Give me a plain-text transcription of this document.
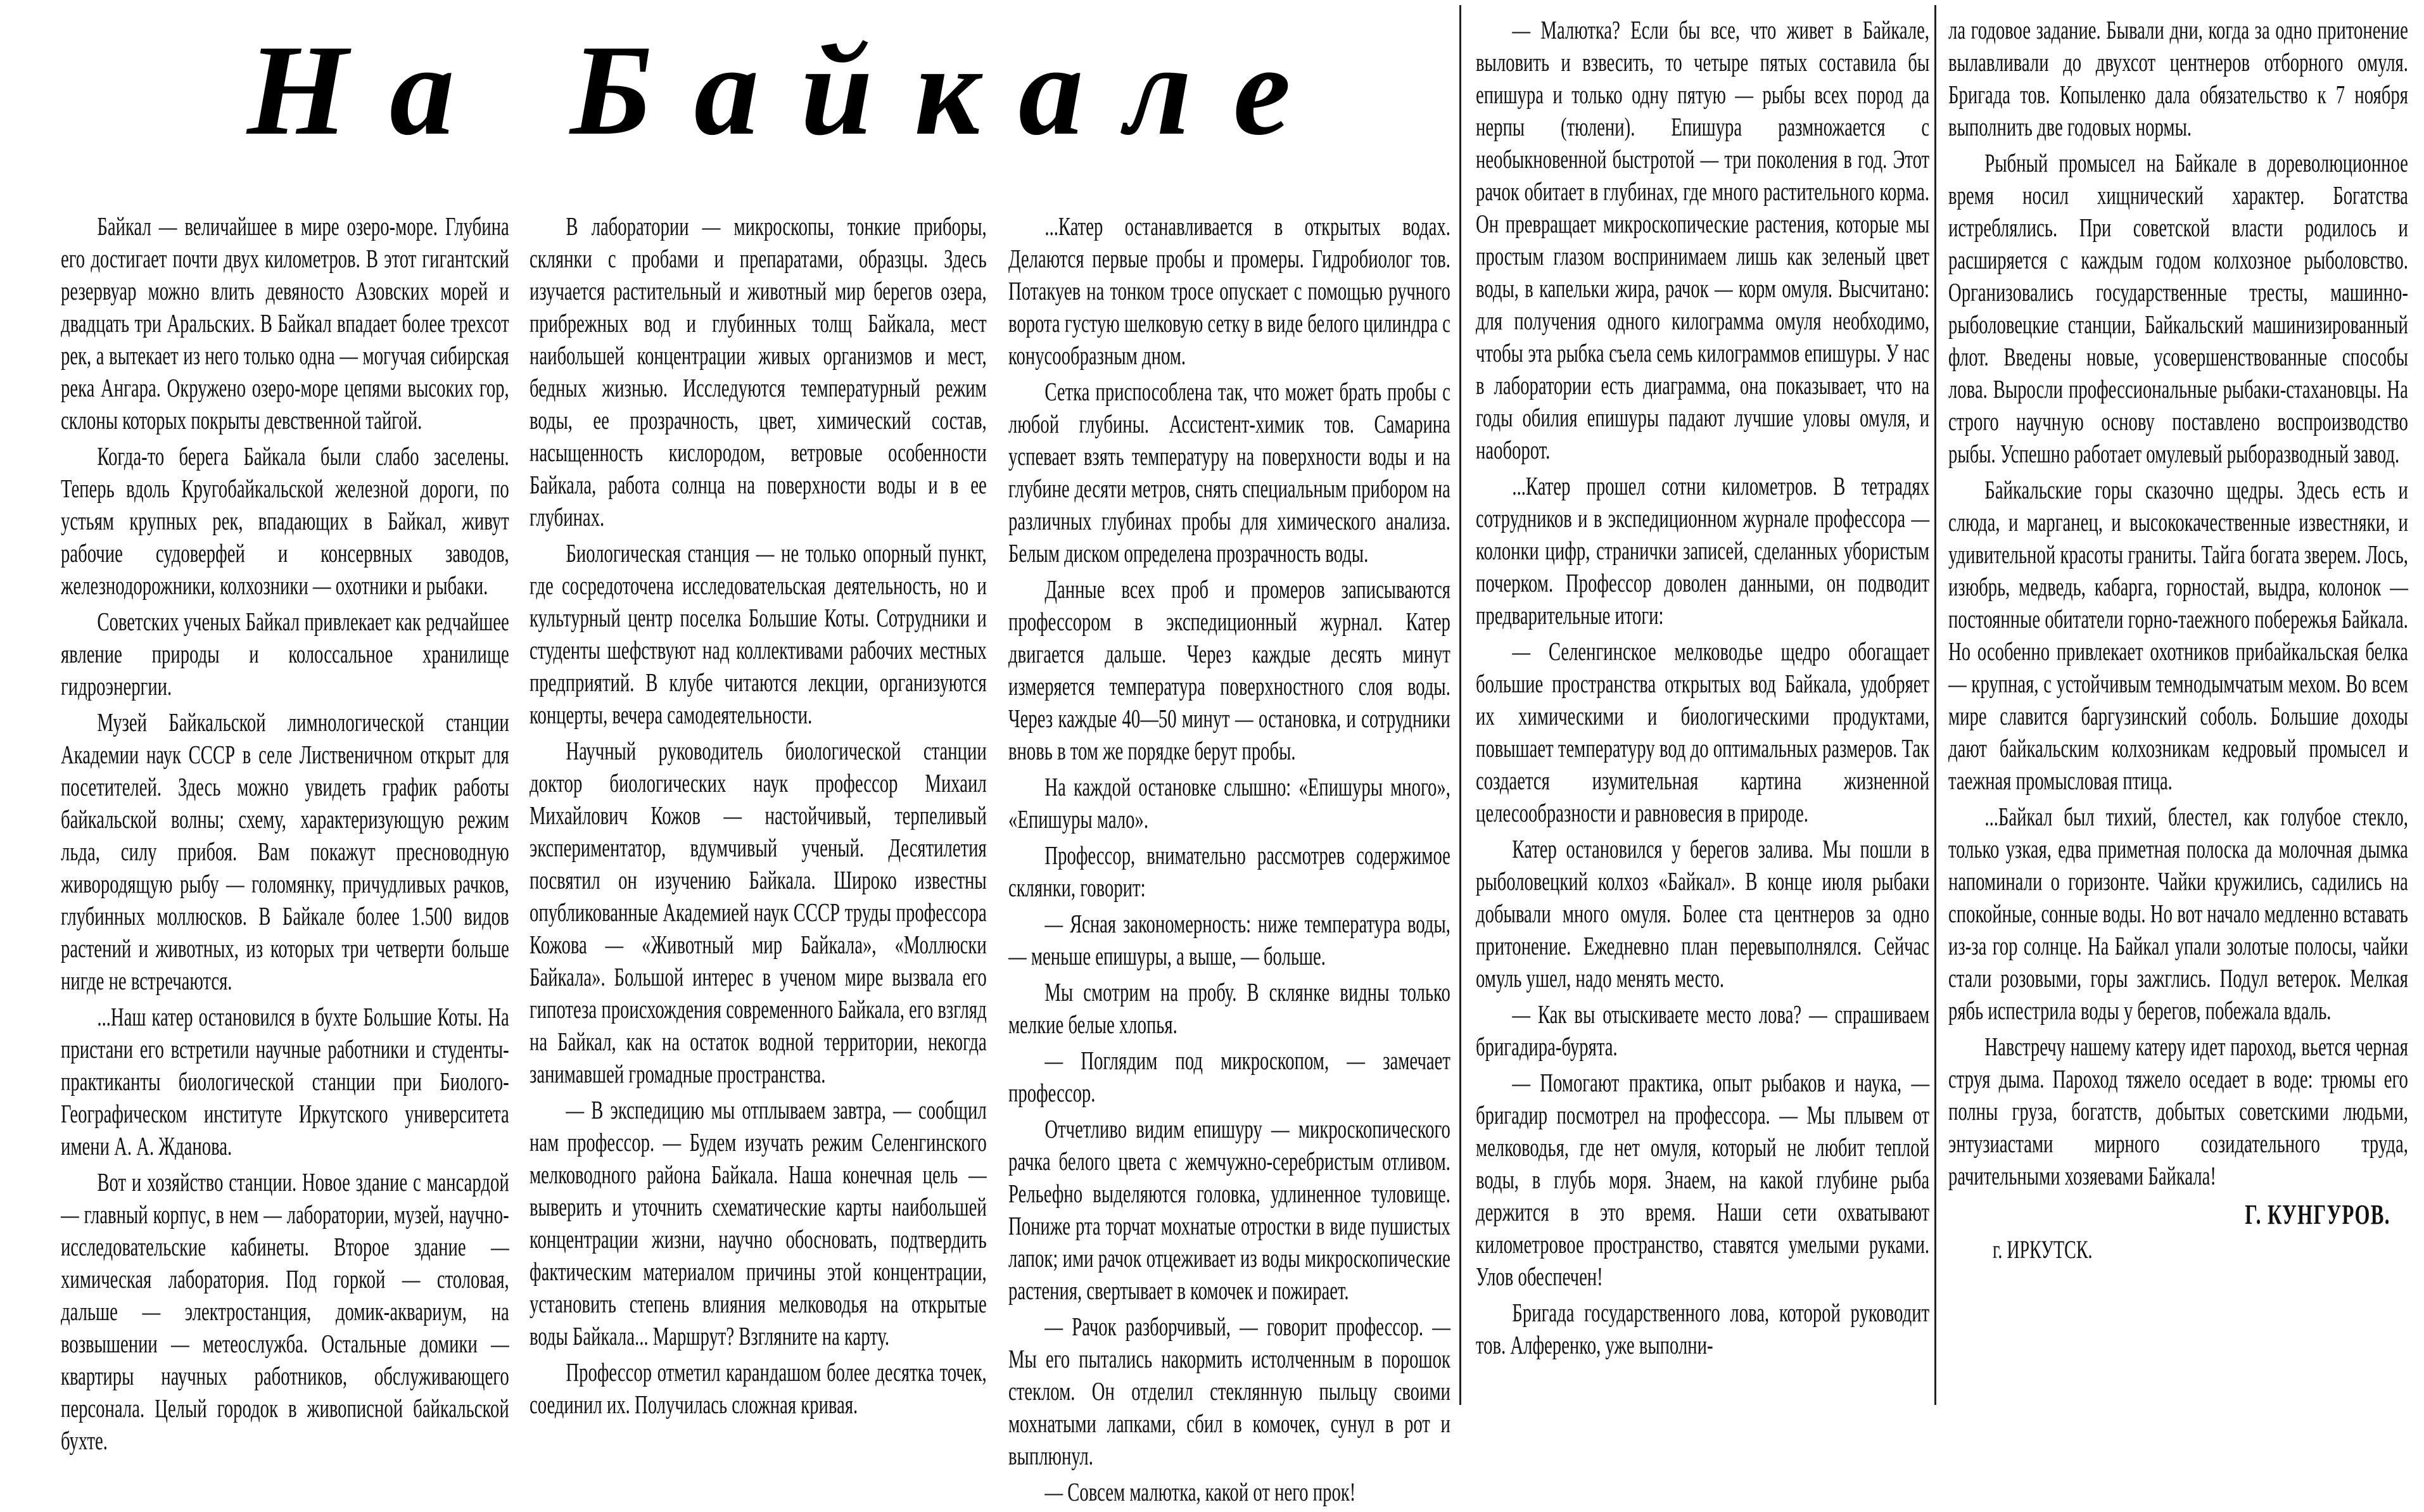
На Байкале

Байкал — величайшее в мире озеро-море. Глубина его достигает почти двух километров. В этот гигантский резервуар можно влить девяносто Азовских морей и двадцать три Аральских. В Байкал впадает более трехсот рек, а вытекает из него только одна — могучая сибирская река Ангара. Окружено озеро-море цепями высоких гор, склоны которых покрыты девственной тайгой.

Когда-то берега Байкала были слабо заселены. Теперь вдоль Кругобайкальской железной дороги, по устьям крупных рек, впадающих в Байкал, живут рабочие судоверфей и консервных заводов, железнодорожники, колхозники — охотники и рыбаки.

Советских ученых Байкал привлекает как редчайшее явление природы и колоссальное хранилище гидроэнергии.

Музей Байкальской лимнологической станции Академии наук СССР в селе Лиственичном открыт для посетителей. Здесь можно увидеть график работы байкальской волны; схему, характеризующую режим льда, силу прибоя. Вам покажут пресноводную живородящую рыбу — голомянку, причудливых рачков, глубинных моллюсков. В Байкале более 1.500 видов растений и животных, из которых три четверти больше нигде не встречаются.

...Наш катер остановился в бухте Большие Коты. На пристани его встретили научные работники и студенты-практиканты биологической станции при Биолого-Географическом институте Иркутского университета имени А. А. Жданова.

Вот и хозяйство станции. Новое здание с мансардой — главный корпус, в нем — лаборатории, музей, научно-исследовательские кабинеты. Второе здание — химическая лаборатория. Под горкой — столовая, дальше — электростанция, домик-аквариум, на возвышении — метеослужба. Остальные домики — квартиры научных работников, обслуживающего персонала. Целый городок в живописной байкальской бухте.

В лаборатории — микроскопы, тонкие приборы, склянки с пробами и препаратами, образцы. Здесь изучается растительный и животный мир берегов озера, прибрежных вод и глубинных толщ Байкала, мест наибольшей концентрации живых организмов и мест, бедных жизнью. Исследуются температурный режим воды, ее прозрачность, цвет, химический состав, насыщенность кислородом, ветровые особенности Байкала, работа солнца на поверхности воды и в ее глубинах.

Биологическая станция — не только опорный пункт, где сосредоточена исследовательская деятельность, но и культурный центр поселка Большие Коты. Сотрудники и студенты шефствуют над коллективами рабочих местных предприятий. В клубе читаются лекции, организуются концерты, вечера самодеятельности.

Научный руководитель биологической станции доктор биологических наук профессор Михаил Михайлович Кожов — настойчивый, терпеливый экспериментатор, вдумчивый ученый. Десятилетия посвятил он изучению Байкала. Широко известны опубликованные Академией наук СССР труды профессора Кожова — «Животный мир Байкала», «Моллюски Байкала». Большой интерес в ученом мире вызвала его гипотеза происхождения современного Байкала, его взгляд на Байкал, как на остаток водной территории, некогда занимавшей громадные пространства.

— В экспедицию мы отплываем завтра, — сообщил нам профессор. — Будем изучать режим Селенгинского мелководного района Байкала. Наша конечная цель — выверить и уточнить схематические карты наибольшей концентрации жизни, научно обосновать, подтвердить фактическим материалом причины этой концентрации, установить степень влияния мелководья на открытые воды Байкала... Маршрут? Взгляните на карту.

Профессор отметил карандашом более десятка точек, соединил их. Получилась сложная кривая.

...Катер останавливается в открытых водах. Делаются первые пробы и промеры. Гидробиолог тов. Потакуев на тонком тросе опускает с помощью ручного ворота густую шелковую сетку в виде белого цилиндра с конусообразным дном.

Сетка приспособлена так, что может брать пробы с любой глубины. Ассистент-химик тов. Самарина успевает взять температуру на поверхности воды и на глубине десяти метров, снять специальным прибором на различных глубинах пробы для химического анализа. Белым диском определена прозрачность воды.

Данные всех проб и промеров записываются профессором в экспедиционный журнал. Катер двигается дальше. Через каждые десять минут измеряется температура поверхностного слоя воды. Через каждые 40—50 минут — остановка, и сотрудники вновь в том же порядке берут пробы.

На каждой остановке слышно: «Епишуры много», «Епишуры мало».

Профессор, внимательно рассмотрев содержимое склянки, говорит:

— Ясная закономерность: ниже температура воды, — меньше епишуры, а выше, — больше.

Мы смотрим на пробу. В склянке видны только мелкие белые хлопья.

— Поглядим под микроскопом, — замечает профессор.

Отчетливо видим епишуру — микроскопического рачка белого цвета с жемчужно-серебристым отливом. Рельефно выделяются головка, удлиненное туловище. Пониже рта торчат мохнатые отростки в виде пушистых лапок; ими рачок отцеживает из воды микроскопические растения, свертывает в комочек и пожирает.

— Рачок разборчивый, — говорит профессор. — Мы его пытались накормить истолченным в порошок стеклом. Он отделил стеклянную пыльцу своими мохнатыми лапками, сбил в комочек, сунул в рот и выплюнул.

— Совсем малютка, какой от него прок!

— Малютка? Если бы все, что живет в Байкале, выловить и взвесить, то четыре пятых составила бы епишура и только одну пятую — рыбы всех пород да нерпы (тюлени). Епишура размножается с необыкновенной быстротой — три поколения в год. Этот рачок обитает в глубинах, где много растительного корма. Он превращает микроскопические растения, которые мы простым глазом воспринимаем лишь как зеленый цвет воды, в капельки жира, рачок — корм омуля. Высчитано: для получения одного килограмма омуля необходимо, чтобы эта рыбка съела семь килограммов епишуры. У нас в лаборатории есть диаграмма, она показывает, что на годы обилия епишуры падают лучшие уловы омуля, и наоборот.

...Катер прошел сотни километров. В тетрадях сотрудников и в экспедиционном журнале профессора — колонки цифр, странички записей, сделанных убористым почерком. Профессор доволен данными, он подводит предварительные итоги:

— Селенгинское мелководье щедро обогащает большие пространства открытых вод Байкала, удобряет их химическими и биологическими продуктами, повышает температуру вод до оптимальных размеров. Так создается изумительная картина жизненной целесообразности и равновесия в природе.

Катер остановился у берегов залива. Мы пошли в рыболовецкий колхоз «Байкал». В конце июля рыбаки добывали много омуля. Более ста центнеров за одно притонение. Ежедневно план перевыполнялся. Сейчас омуль ушел, надо менять место.

— Как вы отыскиваете место лова? — спрашиваем бригадира-бурята.

— Помогают практика, опыт рыбаков и наука, — бригадир посмотрел на профессора. — Мы плывем от мелководья, где нет омуля, который не любит теплой воды, в глубь моря. Знаем, на какой глубине рыба держится в это время. Наши сети охватывают километровое пространство, ставятся умелыми руками. Улов обеспечен!

Бригада государственного лова, которой руководит тов. Алференко, уже выполни-

ла годовое задание. Бывали дни, когда за одно притонение вылавливали до двухсот центнеров отборного омуля. Бригада тов. Копыленко дала обязательство к 7 ноября выполнить две годовых нормы.

Рыбный промысел на Байкале в дореволюционное время носил хищнический характер. Богатства истреблялись. При советской власти родилось и расширяется с каждым годом колхозное рыболовство. Организовались государственные тресты, машинно-рыболовецкие станции, Байкальский машинизированный флот. Введены новые, усовершенствованные способы лова. Выросли профессиональные рыбаки-стахановцы. На строго научную основу поставлено воспроизводство рыбы. Успешно работает омулевый рыборазводный завод.

Байкальские горы сказочно щедры. Здесь есть и слюда, и марганец, и высококачественные известняки, и удивительной красоты граниты. Тайга богата зверем. Лось, изюбрь, медведь, кабарга, горностай, выдра, колонок — постоянные обитатели горно-таежного побережья Байкала. Но особенно привлекает охотников прибайкальская белка — крупная, с устойчивым темнодымчатым мехом. Во всем мире славится баргузинский соболь. Большие доходы дают байкальским колхозникам кедровый промысел и таежная промысловая птица.

...Байкал был тихий, блестел, как голубое стекло, только узкая, едва приметная полоска да молочная дымка напоминали о горизонте. Чайки кружились, садились на спокойные, сонные воды. Но вот начало медленно вставать из-за гор солнце. На Байкал упали золотые полосы, чайки стали розовыми, горы зажглись. Подул ветерок. Мелкая рябь испестрила воды у берегов, побежала вдаль.

Навстречу нашему катеру идет пароход, вьется черная струя дыма. Пароход тяжело оседает в воде: трюмы его полны груза, богатств, добытых советскими людьми, энтузиастами мирного созидательного труда, рачительными хозяевами Байкала!

Г. КУНГУРОВ.
г. ИРКУТСК.
